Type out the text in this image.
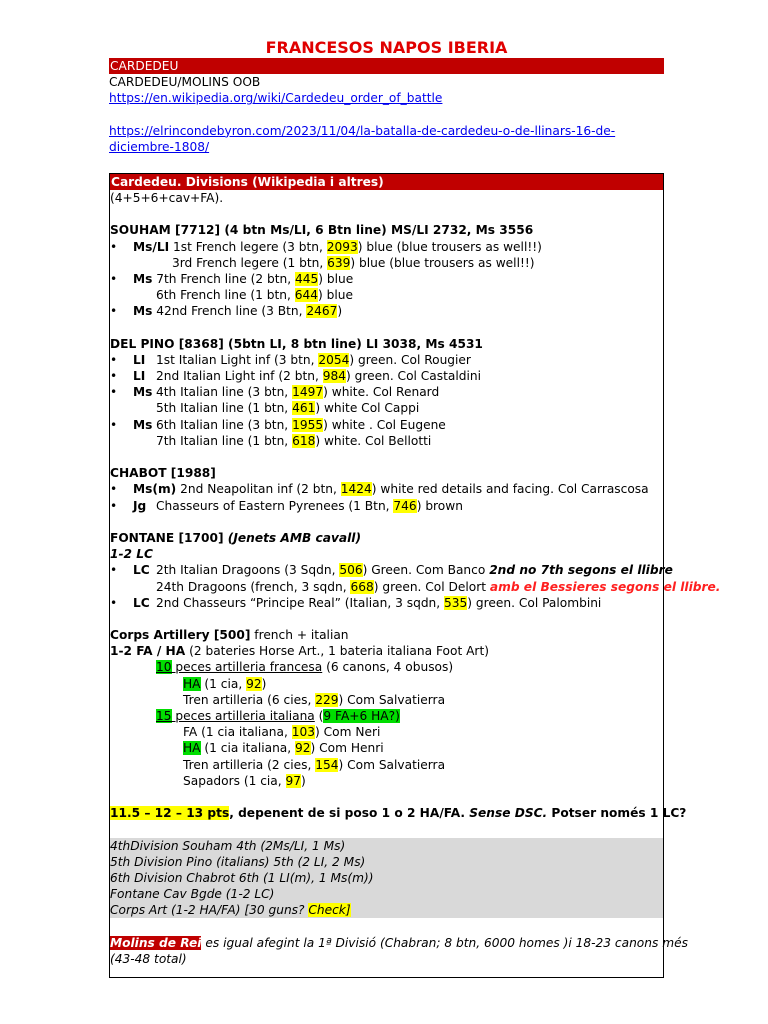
FRANCESOS NAPOS IBERIA
CARDEDEU
CARDEDEU/MOLINS OOB
https://en.wikipedia.org/wiki/Cardedeu_order_of_battle
https://elrincondebyron.com/2023/11/04/la-batalla-de-cardedeu-o-de-llinars-16-de-
diciembre-1808/
Cardedeu. Divisions (Wikipedia i altres)
(4+5+6+cav+FA).
SOUHAM [7712] (4 btn Ms/LI, 6 Btn line) MS/LI 2732, Ms 3556
• Ms/LI 1st French legere (3 btn, 2093) blue (blue trousers as well!!)
3rd French legere (1 btn, 639) blue (blue trousers as well!!)
• Ms 7th French line (2 btn, 445) blue
6th French line (1 btn, 644) blue
• Ms 42nd French line (3 Btn, 2467)
DEL PINO [8368] (5btn LI, 8 btn line) LI 3038, Ms 4531
• LI 1st Italian Light inf (3 btn, 2054) green. Col Rougier
• LI 2nd Italian Light inf (2 btn, 984) green. Col Castaldini
• Ms 4th Italian line (3 btn, 1497) white. Col Renard
5th Italian line (1 btn, 461) white Col Cappi
• Ms 6th Italian line (3 btn, 1955) white . Col Eugene
7th Italian line (1 btn, 618) white. Col Bellotti
CHABOT [1988]
• Ms(m) 2nd Neapolitan inf (2 btn, 1424) white red details and facing. Col Carrascosa
• Jg Chasseurs of Eastern Pyrenees (1 Btn, 746) brown
FONTANE [1700] (Jenets AMB cavall)
1-2 LC
• LC 2th Italian Dragoons (3 Sqdn, 506) Green. Com Banco 2nd no 7th segons el llibre
24th Dragoons (french, 3 sqdn, 668) green. Col Delort amb el Bessieres segons el llibre.
• LC 2nd Chasseurs “Principe Real” (Italian, 3 sqdn, 535) green. Col Palombini
Corps Artillery [500] french + italian
1-2 FA / HA (2 bateries Horse Art., 1 bateria italiana Foot Art)
10 peces artilleria francesa (6 canons, 4 obusos)
HA (1 cia, 92)
Tren artilleria (6 cies, 229) Com Salvatierra
15 peces artilleria italiana (9 FA+6 HA?)
FA (1 cia italiana, 103) Com Neri
HA (1 cia italiana, 92) Com Henri
Tren artilleria (2 cies, 154) Com Salvatierra
Sapadors (1 cia, 97)
11.5 – 12 – 13 pts, depenent de si poso 1 o 2 HA/FA. Sense DSC. Potser només 1 LC?
4thDivision Souham 4th (2Ms/LI, 1 Ms)
5th Division Pino (italians) 5th (2 LI, 2 Ms)
6th Division Chabrot 6th (1 LI(m), 1 Ms(m))
Fontane Cav Bgde (1-2 LC)
Corps Art (1-2 HA/FA) [30 guns? Check]
Molins de Rei es igual afegint la 1ª Divisió (Chabran; 8 btn, 6000 homes )i 18-23 canons més
(43-48 total)
